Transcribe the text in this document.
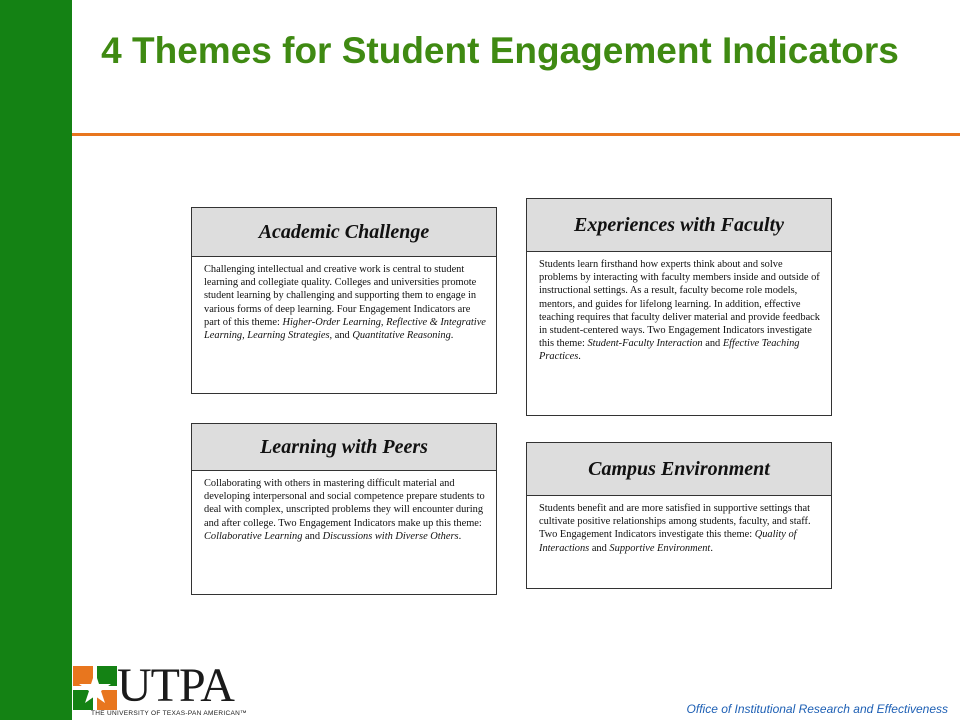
4 Themes for Student Engagement Indicators
Academic Challenge
Challenging intellectual and creative work is central to student learning and collegiate quality. Colleges and universities promote student learning by challenging and supporting them to engage in various forms of deep learning. Four Engagement Indicators are part of this theme: Higher-Order Learning, Reflective & Integrative Learning, Learning Strategies, and Quantitative Reasoning.
Experiences with Faculty
Students learn firsthand how experts think about and solve problems by interacting with faculty members inside and outside of instructional settings. As a result, faculty become role models, mentors, and guides for lifelong learning. In addition, effective teaching requires that faculty deliver material and provide feedback in student-centered ways. Two Engagement Indicators investigate this theme: Student-Faculty Interaction and Effective Teaching Practices.
Learning with Peers
Collaborating with others in mastering difficult material and developing interpersonal and social competence prepare students to deal with complex, unscripted problems they will encounter during and after college. Two Engagement Indicators make up this theme: Collaborative Learning and Discussions with Diverse Others.
Campus Environment
Students benefit and are more satisfied in supportive settings that cultivate positive relationships among students, faculty, and staff. Two Engagement Indicators investigate this theme: Quality of Interactions and Supportive Environment.
UTPA
THE UNIVERSITY OF TEXAS-PAN AMERICAN™	Office of Institutional Research and Effectiveness
